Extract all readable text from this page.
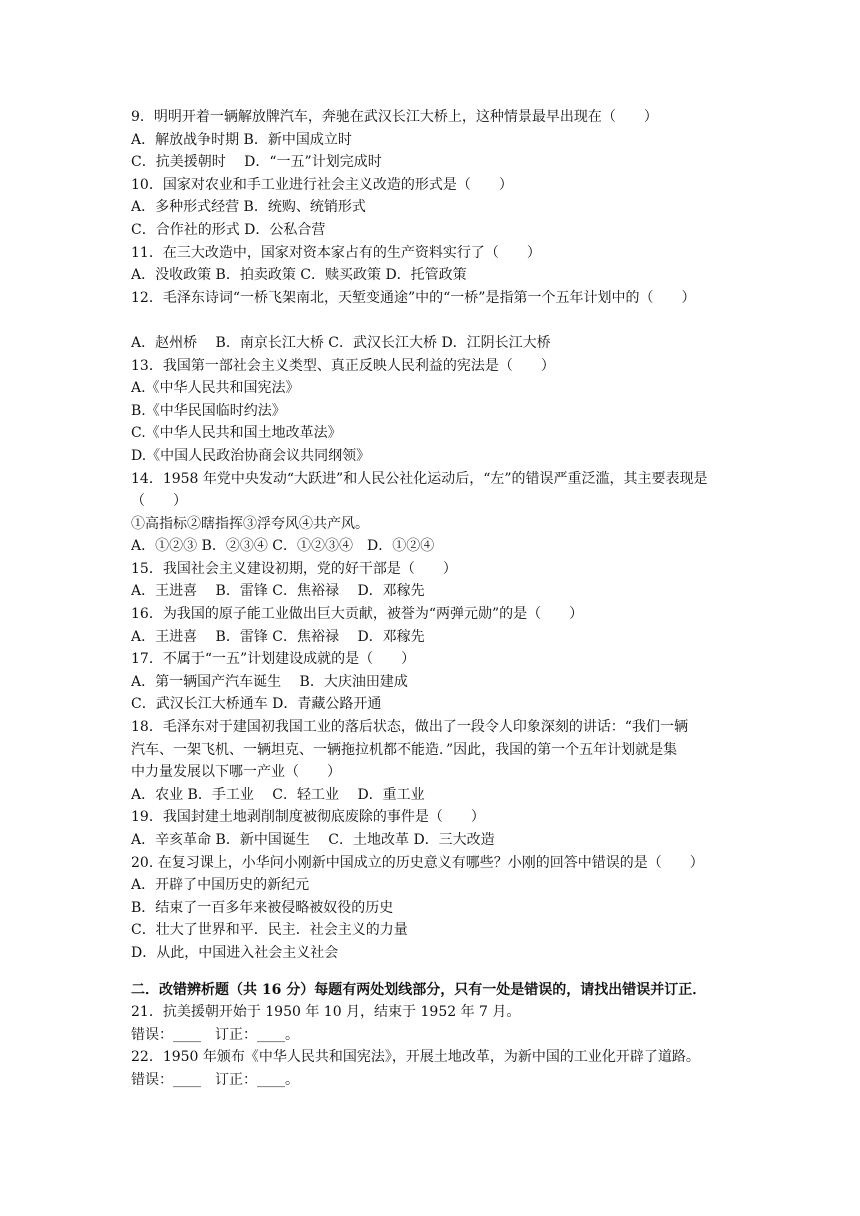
9．明明开着一辆解放牌汽车，奔驰在武汉长江大桥上，这种情景最早出现在（　　）
A．解放战争时期 B．新中国成立时
C．抗美援朝时　 D．“一五”计划完成时
10．国家对农业和手工业进行社会主义改造的形式是（　　）
A．多种形式经营 B．统购、统销形式
C．合作社的形式 D．公私合营
11．在三大改造中，国家对资本家占有的生产资料实行了（　　）
A．没收政策 B．拍卖政策 C．赎买政策 D．托管政策
12．毛泽东诗词“一桥飞架南北，天堑变通途”中的“一桥”是指第一个五年计划中的（　　）
A．赵州桥　 B．南京长江大桥 C．武汉长江大桥 D．江阴长江大桥
13．我国第一部社会主义类型、真正反映人民利益的宪法是（　　）
A.《中华人民共和国宪法》
B.《中华民国临时约法》
C.《中华人民共和国土地改革法》
D.《中国人民政治协商会议共同纲领》
14．1958 年党中央发动“大跃进”和人民公社化运动后，“左”的错误严重泛滥，其主要表现是
（　　）
①高指标②瞎指挥③浮夸风④共产风。
A．①②③ B．②③④ C．①②③④　D．①②④
15．我国社会主义建设初期，党的好干部是（　　）
A．王进喜　 B．雷锋 C．焦裕禄　 D．邓稼先
16．为我国的原子能工业做出巨大贡献，被誉为“两弹元勋”的是（　　）
A．王进喜　 B．雷锋 C．焦裕禄　 D．邓稼先
17．不属于“一五”计划建设成就的是（　　）
A．第一辆国产汽车诞生　 B．大庆油田建成
C．武汉长江大桥通车 D．青藏公路开通
18．毛泽东对于建国初我国工业的落后状态，做出了一段令人印象深刻的讲话：“我们一辆
汽车、一架飞机、一辆坦克、一辆拖拉机都不能造．”因此，我国的第一个五年计划就是集
中力量发展以下哪一产业（　　）
A．农业 B．手工业　 C．轻工业　 D．重工业
19．我国封建土地剥削制度被彻底废除的事件是（　　）
A．辛亥革命 B．新中国诞生　 C．土地改革 D．三大改造
20. 在复习课上，小华问小刚新中国成立的历史意义有哪些？小刚的回答中错误的是（　　）
A．开辟了中国历史的新纪元
B．结束了一百多年来被侵略被奴役的历史
C．壮大了世界和平．民主．社会主义的力量
D．从此，中国进入社会主义社会
二．改错辨析题（共 16 分）每题有两处划线部分，只有一处是错误的，请找出错误并订正．
21．抗美援朝开始于 1950 年 10 月，结束于 1952 年 7 月。
错误：____　订正：____。
22．1950 年颁布《中华人民共和国宪法》，开展土地改革，为新中国的工业化开辟了道路。
错误：____　订正：____。
